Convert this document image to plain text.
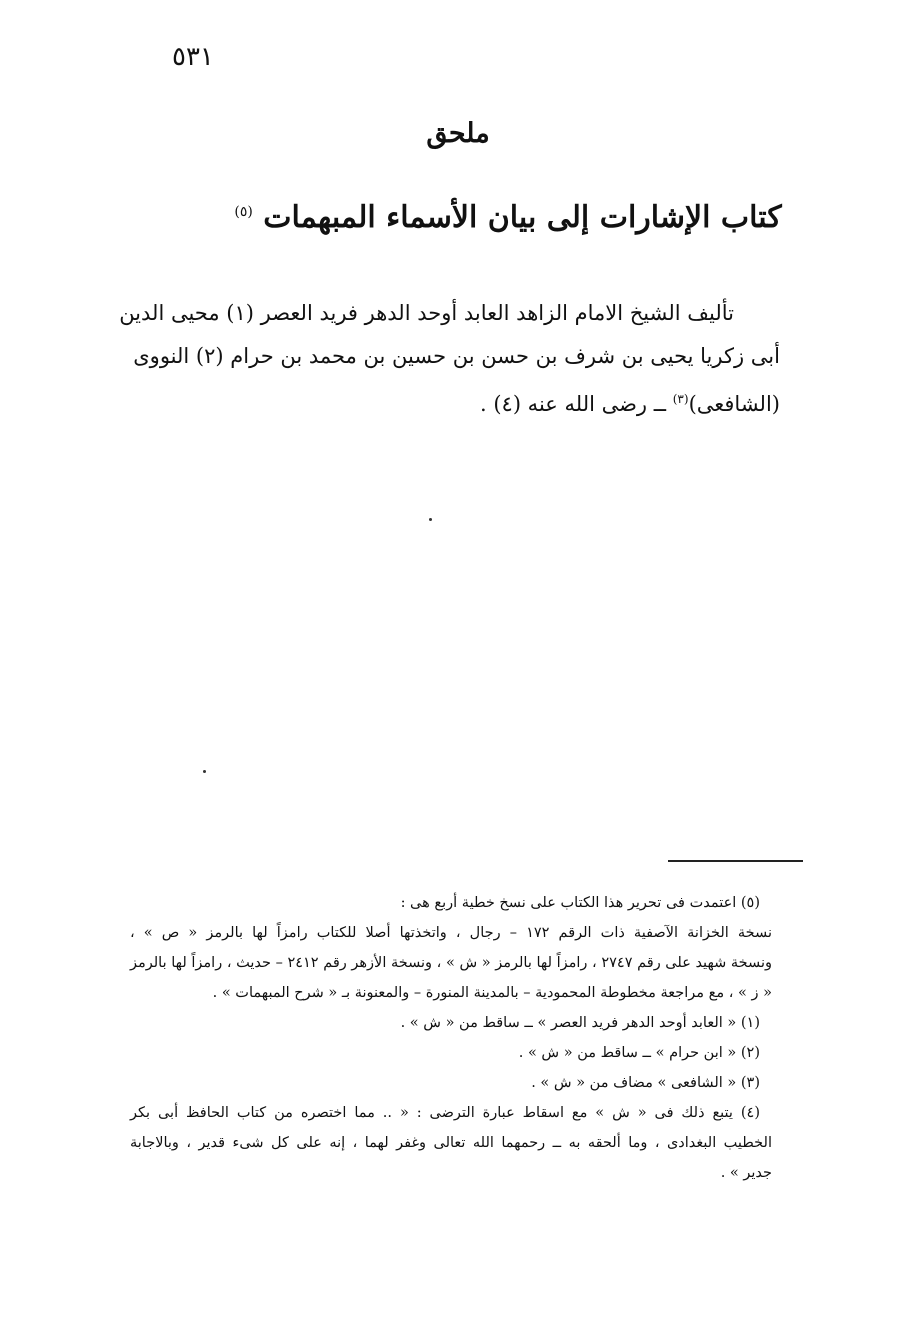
٥٣١
ملحق
كتاب الإشارات إلى بيان الأسماء المبهمات $^{(٥)}$
تأليف الشيخ الامام الزاهد العابد أوحد الدهر فريد العصر (١) محيى الدين
أبى زكريا يحيى بن شرف بن حسن بن حسين بن محمد بن حرام (٢) النووى
(الشافعى)$^{(٣)}$ ــ رضى الله عنه (٤) .
(٥) اعتمدت فى تحرير هذا الكتاب على نسخ خطية أربع هى :
نسخة الخزانة الآصفية ذات الرقم ١٧٢ – رجال ، واتخذتها أصلا للكتاب رامزاً لها بالرمز « ص » ،
ونسخة شهيد على رقم ٢٧٤٧ ، رامزاً لها بالرمز « ش » ، ونسخة الأزهر رقم ٢٤١٢ – حديث ، رامزاً لها بالرمز
« ز » ، مع مراجعة مخطوطة المحمودية – بالمدينة المنورة – والمعنونة بـ « شرح المبهمات » .
(١) « العابد أوحد الدهر فريد العصر » ــ ساقط من « ش » .
(٢) « ابن حرام » ــ ساقط من « ش » .
(٣) « الشافعى » مضاف من « ش » .
(٤) يتبع ذلك فى « ش » مع اسقاط عبارة الترضى : « .. مما اختصره من كتاب الحافظ أبى بكر
الخطيب البغدادى ، وما ألحقه به ــ رحمهما الله تعالى وغفر لهما ، إنه على كل شىء قدير ، وبالاجابة
جدير » .
